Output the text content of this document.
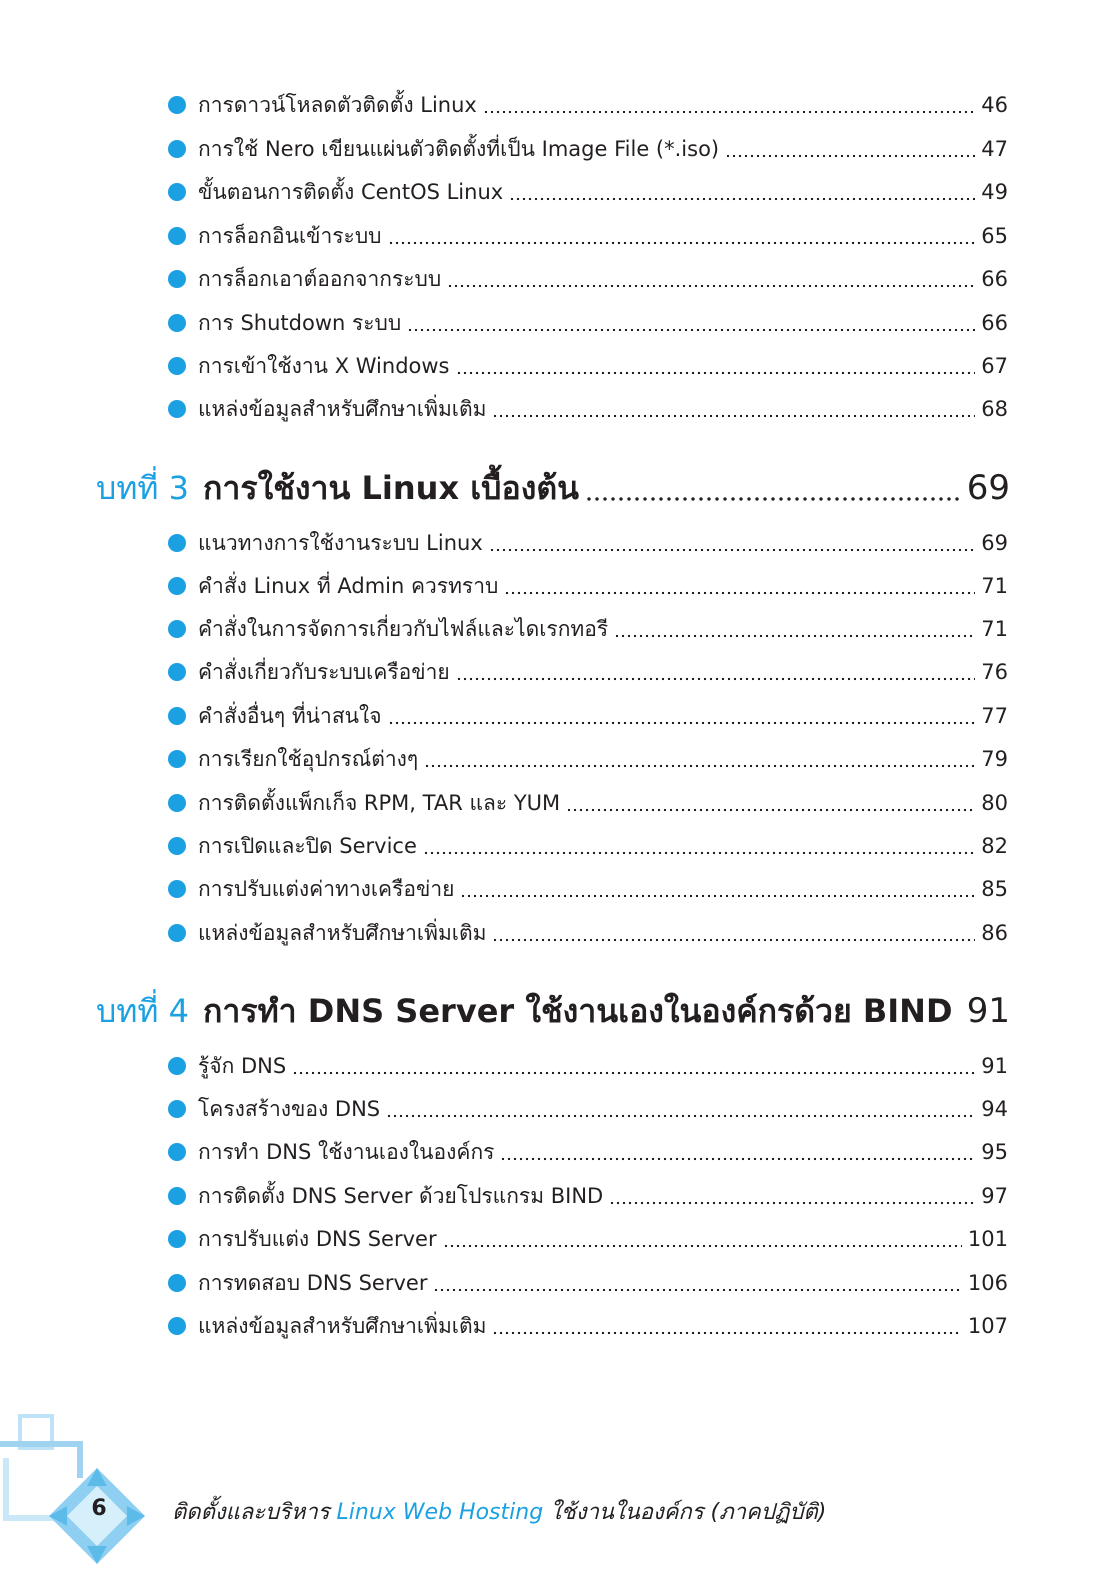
การดาวน์โหลดตัวติดตั้ง Linux	46
การใช้ Nero เขียนแผ่นตัวติดตั้งที่เป็น Image File (*.iso)	47
ขั้นตอนการติดตั้ง CentOS Linux	49
การล็อกอินเข้าระบบ	65
การล็อกเอาต์ออกจากระบบ	66
การ Shutdown ระบบ	66
การเข้าใช้งาน X Windows	67
แหล่งข้อมูลสำหรับศึกษาเพิ่มเติม	68
บทที่ 3 การใช้งาน Linux เบื้องต้น	69
แนวทางการใช้งานระบบ Linux	69
คำสั่ง Linux ที่ Admin ควรทราบ	71
คำสั่งในการจัดการเกี่ยวกับไฟล์และไดเรกทอรี	71
คำสั่งเกี่ยวกับระบบเครือข่าย	76
คำสั่งอื่นๆ ที่น่าสนใจ	77
การเรียกใช้อุปกรณ์ต่างๆ	79
การติดตั้งแพ็กเก็จ RPM, TAR และ YUM	80
การเปิดและปิด Service	82
การปรับแต่งค่าทางเครือข่าย	85
แหล่งข้อมูลสำหรับศึกษาเพิ่มเติม	86
บทที่ 4 การทำ DNS Server ใช้งานเองในองค์กรด้วย BIND 91
รู้จัก DNS	91
โครงสร้างของ DNS	94
การทำ DNS ใช้งานเองในองค์กร	95
การติดตั้ง DNS Server ด้วยโปรแกรม BIND	97
การปรับแต่ง DNS Server	101
การทดสอบ DNS Server	106
แหล่งข้อมูลสำหรับศึกษาเพิ่มเติม	107
6	ติดตั้งและบริหาร Linux Web Hosting ใช้งานในองค์กร (ภาคปฏิบัติ)
